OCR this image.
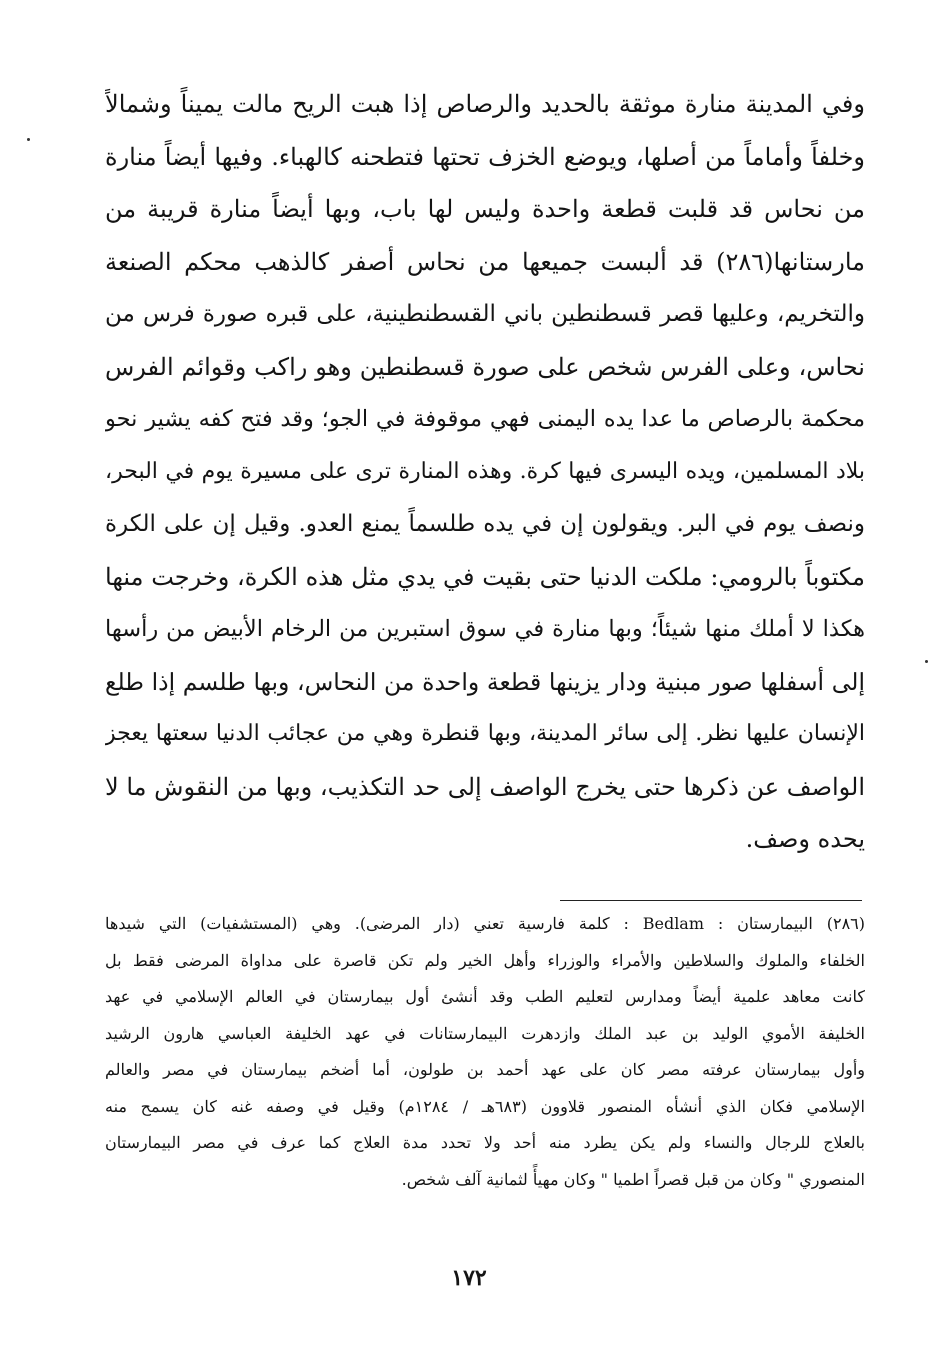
وفي المدينة منارة موثقة بالحديد والرصاص إذا هبت الريح مالت يميناً وشمالاً
وخلفاً وأماماً من أصلها، ويوضع الخزف تحتها فتطحنه كالهباء. وفيها أيضاً منارة
من نحاس قد قلبت قطعة واحدة وليس لها باب، وبها أيضاً منارة قريبة من
مارستانها(٢٨٦) قد ألبست جميعها من نحاس أصفر كالذهب محكم الصنعة
والتخريم، وعليها قصر قسطنطين باني القسطنطينية، على قبره صورة فرس من
نحاس، وعلى الفرس شخص على صورة قسطنطين وهو راكب وقوائم الفرس
محكمة بالرصاص ما عدا يده اليمنى فهي موقوفة في الجو؛ وقد فتح كفه يشير نحو
بلاد المسلمين، ويده اليسرى فيها كرة. وهذه المنارة ترى على مسيرة يوم في البحر،
ونصف يوم في البر. ويقولون إن في يده طلسماً يمنع العدو. وقيل إن على الكرة
مكتوباً بالرومي: ملكت الدنيا حتى بقيت في يدي مثل هذه الكرة، وخرجت منها
هكذا لا أملك منها شيئاً؛ وبها منارة في سوق استبرين من الرخام الأبيض من رأسها
إلى أسفلها صور مبنية ودار يزينها قطعة واحدة من النحاس، وبها طلسم إذا طلع
الإنسان عليها نظر. إلى سائر المدينة، وبها قنطرة وهي من عجائب الدنيا سعتها يعجز
الواصف عن ذكرها حتى يخرج الواصف إلى حد التكذيب، وبها من النقوش ما لا
يحده وصف.
(٢٨٦) البيمارستان : Bedlam : كلمة فارسية تعني (دار المرضى). وهي (المستشفيات) التي شيدها
الخلفاء والملوك والسلاطين والأمراء والوزراء وأهل الخير ولم تكن قاصرة على مداواة المرضى فقط بل
كانت معاهد علمية أيضاً ومدارس لتعليم الطب وقد أنشئ أول بيمارستان في العالم الإسلامي في عهد
الخليفة الأموي الوليد بن عبد الملك وازدهرت البيمارستانات في عهد الخليفة العباسي هارون الرشيد
وأول بيمارستان عرفته مصر كان على عهد أحمد بن طولون، أما أضخم بيمارستان في مصر والعالم
الإسلامي فكان الذي أنشأه المنصور قلاوون (٦٨٣هـ / ١٢٨٤م) وقيل في وصفه غنه كان يسمح منه
بالعلاج للرجال والنساء ولم يكن يطرد منه أحد ولا تحدد مدة العلاج كما عرف في مصر البيمارستان
المنصوري " وكان من قبل قصراً اطميا " وكان مهيأً لثمانية آلف شخص.
١٧٢
